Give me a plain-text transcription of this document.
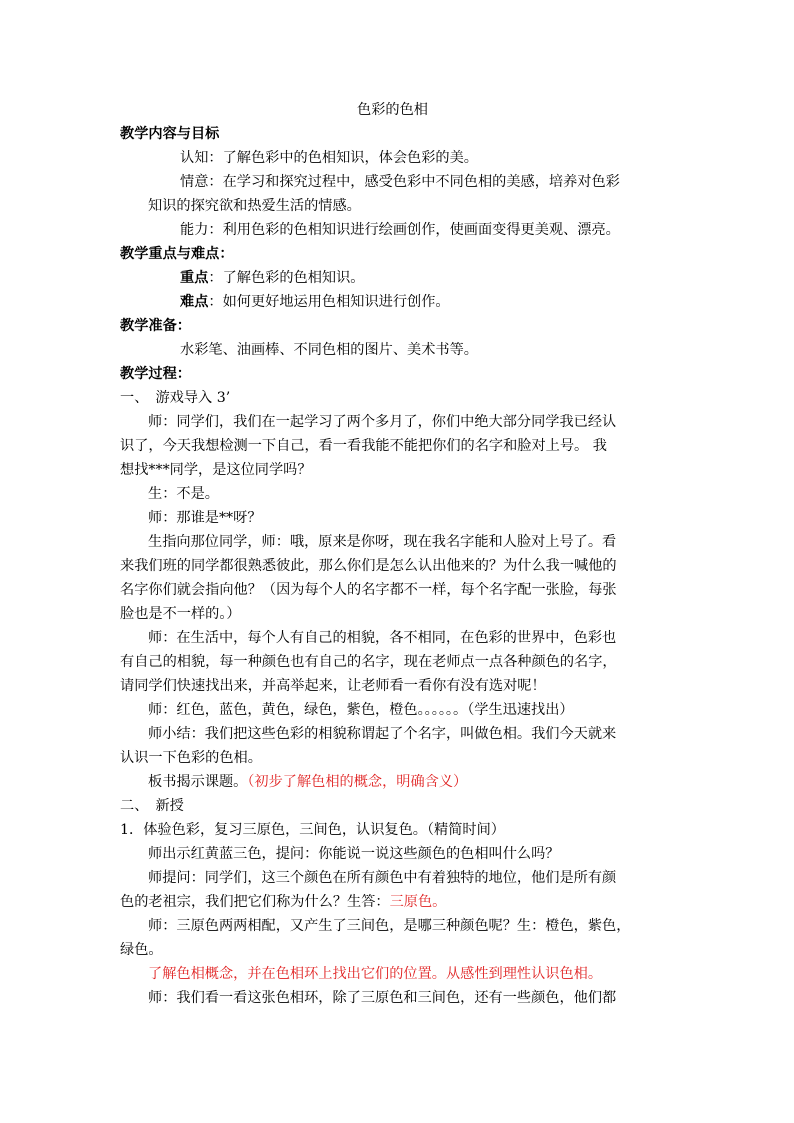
色彩的色相
教学内容与目标
认知：了解色彩中的色相知识，体会色彩的美。
情意：在学习和探究过程中，感受色彩中不同色相的美感，培养对色彩
知识的探究欲和热爱生活的情感。
能力：利用色彩的色相知识进行绘画创作，使画面变得更美观、漂亮。
教学重点与难点：
重点：了解色彩的色相知识。
难点：如何更好地运用色相知识进行创作。
教学准备：
水彩笔、油画棒、不同色相的图片、美术书等。
教学过程：
一、　游戏导入 3’
师：同学们，我们在一起学习了两个多月了，你们中绝大部分同学我已经认
识了，今天我想检测一下自己，看一看我能不能把你们的名字和脸对上号。 我
想找***同学，是这位同学吗？
生：不是。
师：那谁是**呀？
生指向那位同学，师：哦，原来是你呀，现在我名字能和人脸对上号了。看
来我们班的同学都很熟悉彼此，那么你们是怎么认出他来的？为什么我一喊他的
名字你们就会指向他？（因为每个人的名字都不一样，每个名字配一张脸，每张
脸也是不一样的。）
师：在生活中，每个人有自己的相貌，各不相同，在色彩的世界中，色彩也
有自己的相貌，每一种颜色也有自己的名字，现在老师点一点各种颜色的名字，
请同学们快速找出来，并高举起来，让老师看一看你有没有选对呢！
师：红色，蓝色，黄色，绿色，紫色，橙色。。。。。。（学生迅速找出）
师小结：我们把这些色彩的相貌称谓起了个名字，叫做色相。我们今天就来
认识一下色彩的色相。
板书揭示课题。（初步了解色相的概念，明确含义）
二、　新授
1．体验色彩，复习三原色，三间色，认识复色。（精简时间）
师出示红黄蓝三色，提问：你能说一说这些颜色的色相叫什么吗？
师提问：同学们，这三个颜色在所有颜色中有着独特的地位，他们是所有颜
色的老祖宗，我们把它们称为什么？生答：三原色。
师：三原色两两相配，又产生了三间色，是哪三种颜色呢？生：橙色，紫色，
绿色。
了解色相概念，并在色相环上找出它们的位置。从感性到理性认识色相。
师：我们看一看这张色相环，除了三原色和三间色，还有一些颜色，他们都
